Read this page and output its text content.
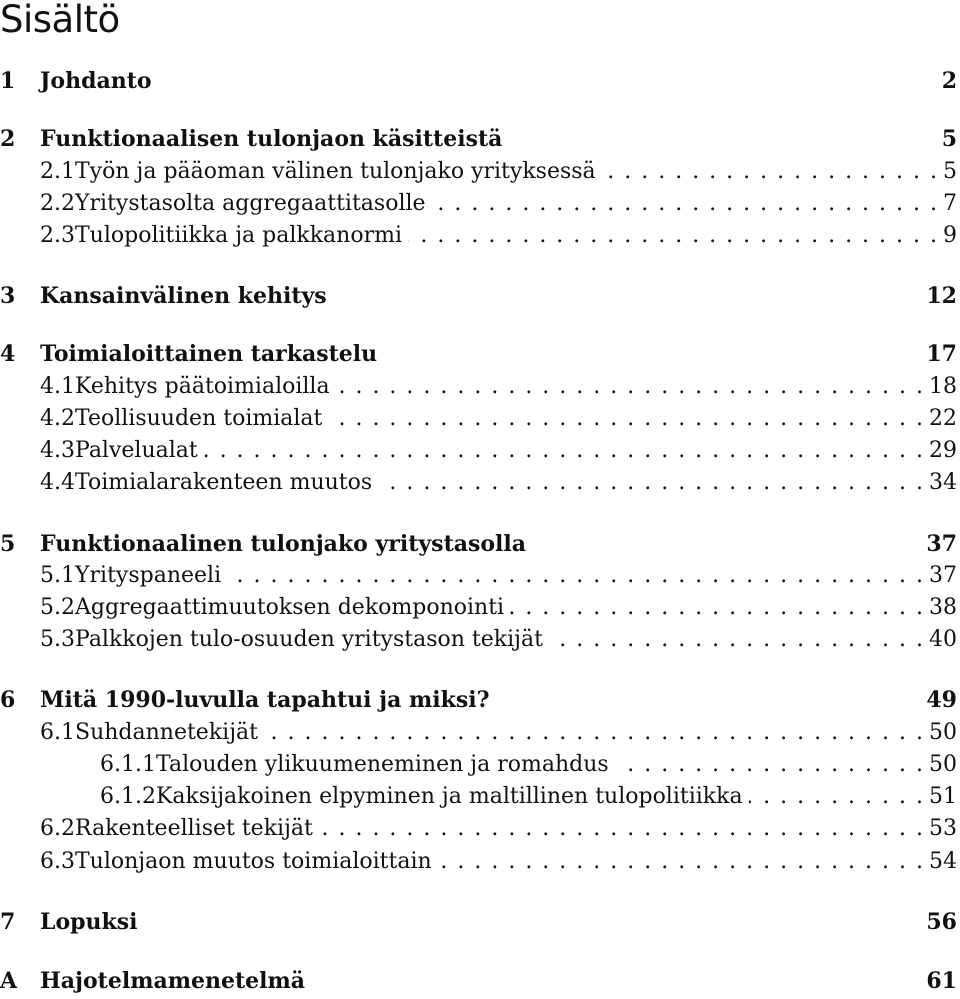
Sisältö
1	Johdanto	2
2	Funktionaalisen tulonjaon käsitteistä	5
2.1 Työn ja pääoman välinen tulonjako yrityksessä . . .	5
2.2 Yritystasolta aggregaattitasolle . . .	7
2.3 Tulopolitiikka ja palkkanormi . . .	9
3	Kansainvälinen kehitys	12
4	Toimialoittainen tarkastelu	17
4.1 Kehitys päätoimialoilla . . .	18
4.2 Teollisuuden toimialat . . .	22
4.3 Palvelualat . . .	29
4.4 Toimialarakenteen muutos . . .	34
5	Funktionaalinen tulonjako yritystasolla	37
5.1 Yrityspaneeli . . .	37
5.2 Aggregaattimuutoksen dekomponointi . . .	38
5.3 Palkkojen tulo-osuuden yritystason tekijät . . .	40
6	Mitä 1990-luvulla tapahtui ja miksi?	49
6.1 Suhdannetekijät . . .	50
6.1.1 Talouden ylikuumeneminen ja romahdus . . .	50
6.1.2 Kaksijakoinen elpyminen ja maltillinen tulopolitiikka . . .	51
6.2 Rakenteelliset tekijät . . .	53
6.3 Tulonjaon muutos toimialoittain . . .	54
7	Lopuksi	56
A	Hajotelmamenetelmä	61
